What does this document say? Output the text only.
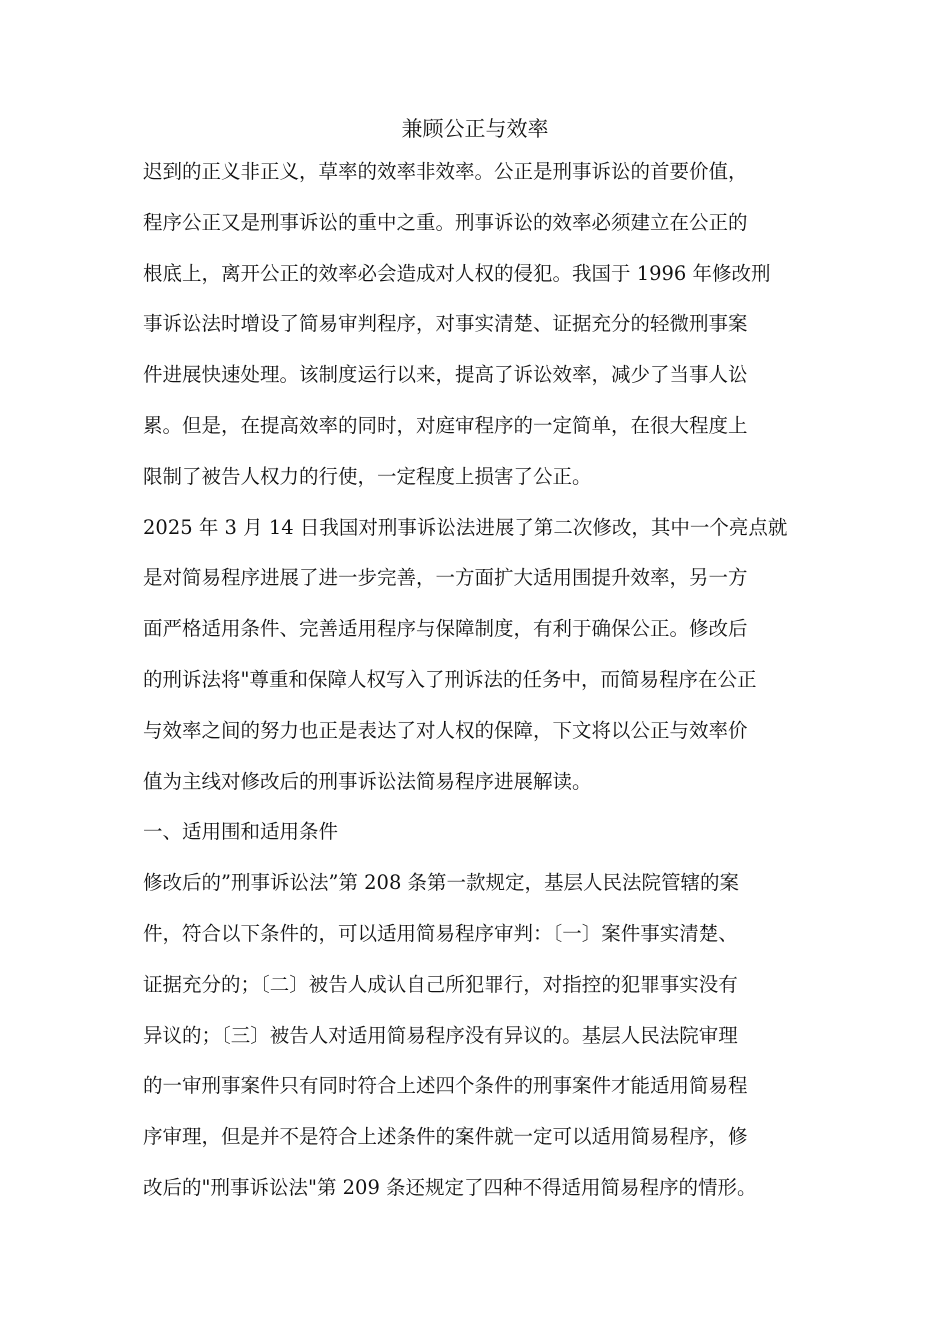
兼顾公正与效率
迟到的正义非正义，草率的效率非效率。公正是刑事诉讼的首要价值，
程序公正又是刑事诉讼的重中之重。刑事诉讼的效率必须建立在公正的
根底上，离开公正的效率必会造成对人权的侵犯。我国于 1996 年修改刑
事诉讼法时增设了简易审判程序，对事实清楚、证据充分的轻微刑事案
件进展快速处理。该制度运行以来，提高了诉讼效率，减少了当事人讼
累。但是，在提高效率的同时，对庭审程序的一定简单，在很大程度上
限制了被告人权力的行使，一定程度上损害了公正。
2025 年 3 月 14 日我国对刑事诉讼法进展了第二次修改，其中一个亮点就
是对简易程序进展了进一步完善，一方面扩大适用围提升效率，另一方
面严格适用条件、完善适用程序与保障制度，有利于确保公正。修改后
的刑诉法将"尊重和保障人权写入了刑诉法的任务中，而简易程序在公正
与效率之间的努力也正是表达了对人权的保障，下文将以公正与效率价
值为主线对修改后的刑事诉讼法简易程序进展解读。
一、适用围和适用条件
修改后的”刑事诉讼法”第 208 条第一款规定，基层人民法院管辖的案
件，符合以下条件的，可以适用简易程序审判：〔一〕案件事实清楚、
证据充分的；〔二〕被告人成认自己所犯罪行，对指控的犯罪事实没有
异议的；〔三〕被告人对适用简易程序没有异议的。基层人民法院审理
的一审刑事案件只有同时符合上述四个条件的刑事案件才能适用简易程
序审理，但是并不是符合上述条件的案件就一定可以适用简易程序，修
改后的"刑事诉讼法"第 209 条还规定了四种不得适用简易程序的情形。
